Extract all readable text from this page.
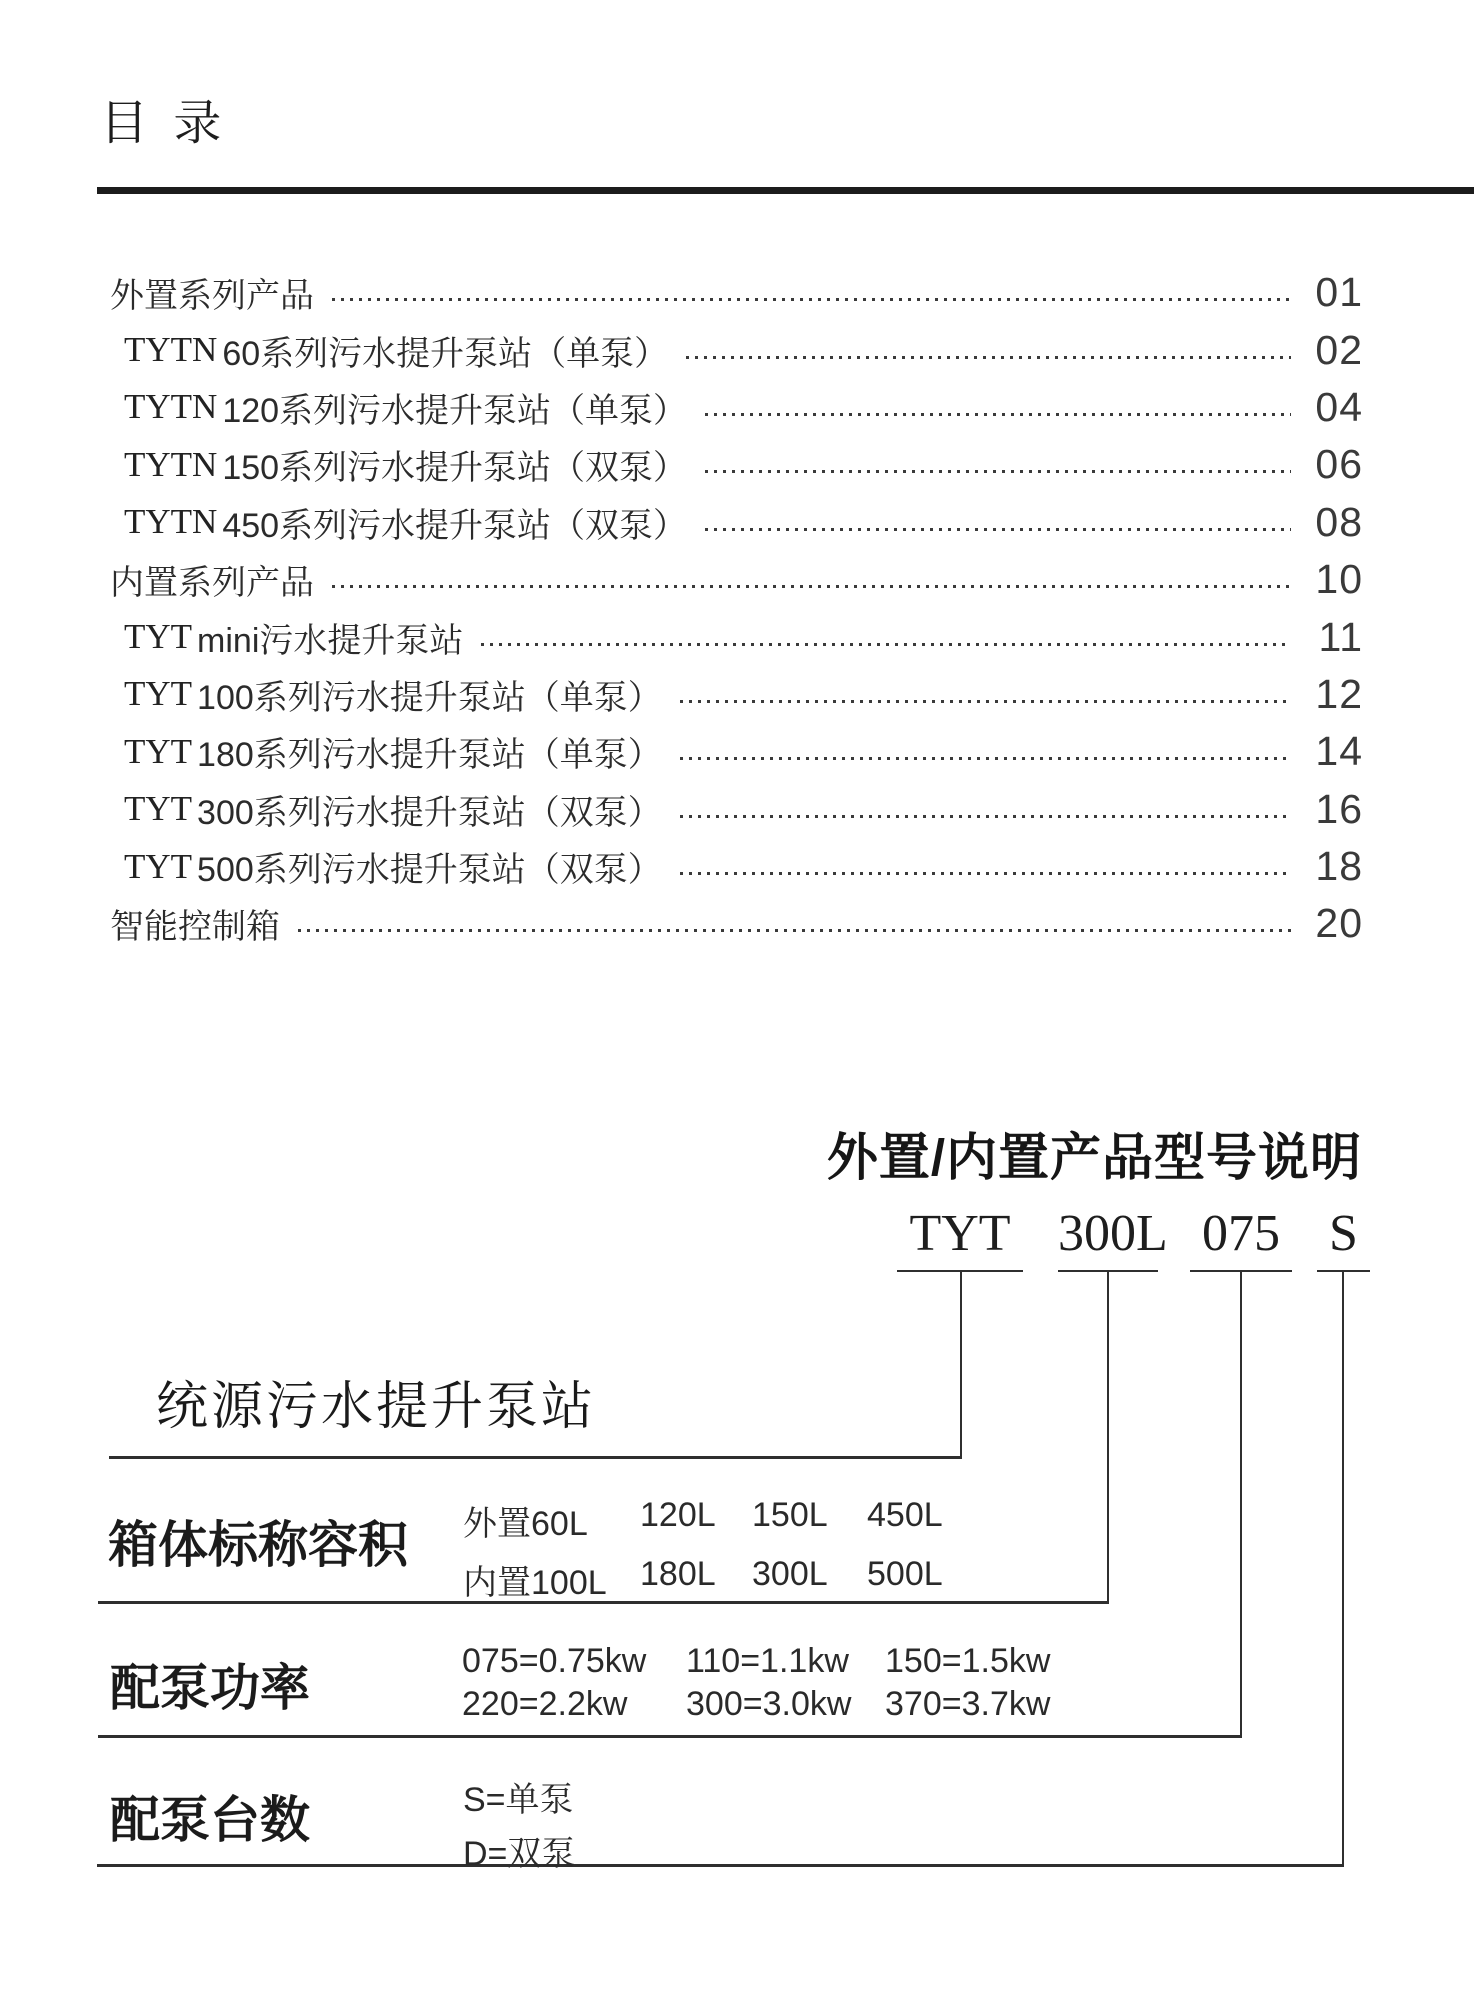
目 录
外置系列产品	01
TYTN 60系列污水提升泵站（单泵）	02
TYTN 120系列污水提升泵站（单泵）	04
TYTN 150系列污水提升泵站（双泵）	06
TYTN 450系列污水提升泵站（双泵）	08
内置系列产品	10
TYT mini污水提升泵站	11
TYT 100系列污水提升泵站（单泵）	12
TYT 180系列污水提升泵站（单泵）	14
TYT 300系列污水提升泵站（双泵）	16
TYT 500系列污水提升泵站（双泵）	18
智能控制箱	20
外置/内置产品型号说明
TYT 300L 075 S
统源污水提升泵站
箱体标称容积 外置60L	120L	150L	450L
内置100L 180L	300L	500L
配泵功率	075=0.75kw	110=1.1kw	150=1.5kw
220=2.2kw	300=3.0kw 370=3.7kw
配泵台数	S=单泵
D=双泵
